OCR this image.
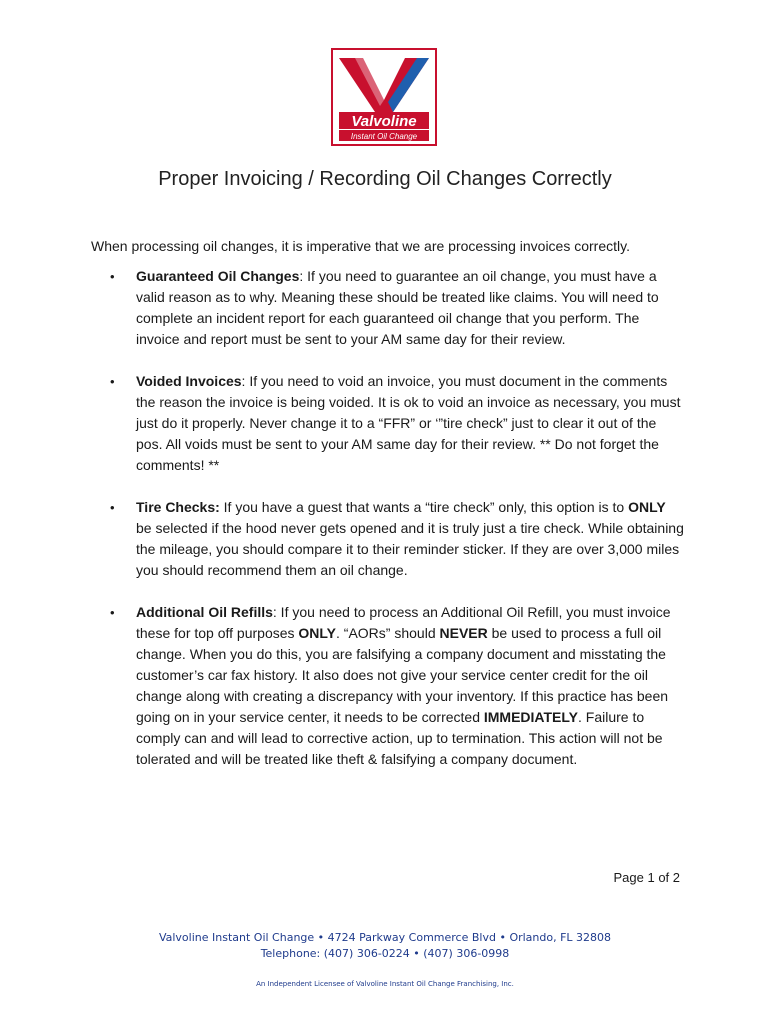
Valvoline
Instant Oil Change
Proper Invoicing / Recording Oil Changes Correctly
When processing oil changes, it is imperative that we are processing invoices correctly.
• Guaranteed Oil Changes: If you need to guarantee an oil change, you must have a valid reason as to why. Meaning these should be treated like claims. You will need to complete an incident report for each guaranteed oil change that you perform. The invoice and report must be sent to your AM same day for their review.
• Voided Invoices: If you need to void an invoice, you must document in the comments the reason the invoice is being voided. It is ok to void an invoice as necessary, you must just do it properly. Never change it to a “FFR” or ‘”tire check” just to clear it out of the pos. All voids must be sent to your AM same day for their review. ** Do not forget the comments! **
• Tire Checks: If you have a guest that wants a “tire check” only, this option is to ONLY be selected if the hood never gets opened and it is truly just a tire check. While obtaining the mileage, you should compare it to their reminder sticker. If they are over 3,000 miles you should recommend them an oil change.
• Additional Oil Refills: If you need to process an Additional Oil Refill, you must invoice these for top off purposes ONLY. “AORs” should NEVER be used to process a full oil change. When you do this, you are falsifying a company document and misstating the customer’s car fax history. It also does not give your service center credit for the oil change along with creating a discrepancy with your inventory. If this practice has been going on in your service center, it needs to be corrected IMMEDIATELY. Failure to comply can and will lead to corrective action, up to termination. This action will not be tolerated and will be treated like theft & falsifying a company document.
Page 1 of 2
Valvoline Instant Oil Change • 4724 Parkway Commerce Blvd • Orlando, FL 32808
Telephone: (407) 306-0224 • (407) 306-0998
An Independent Licensee of Valvoline Instant Oil Change Franchising, Inc.
